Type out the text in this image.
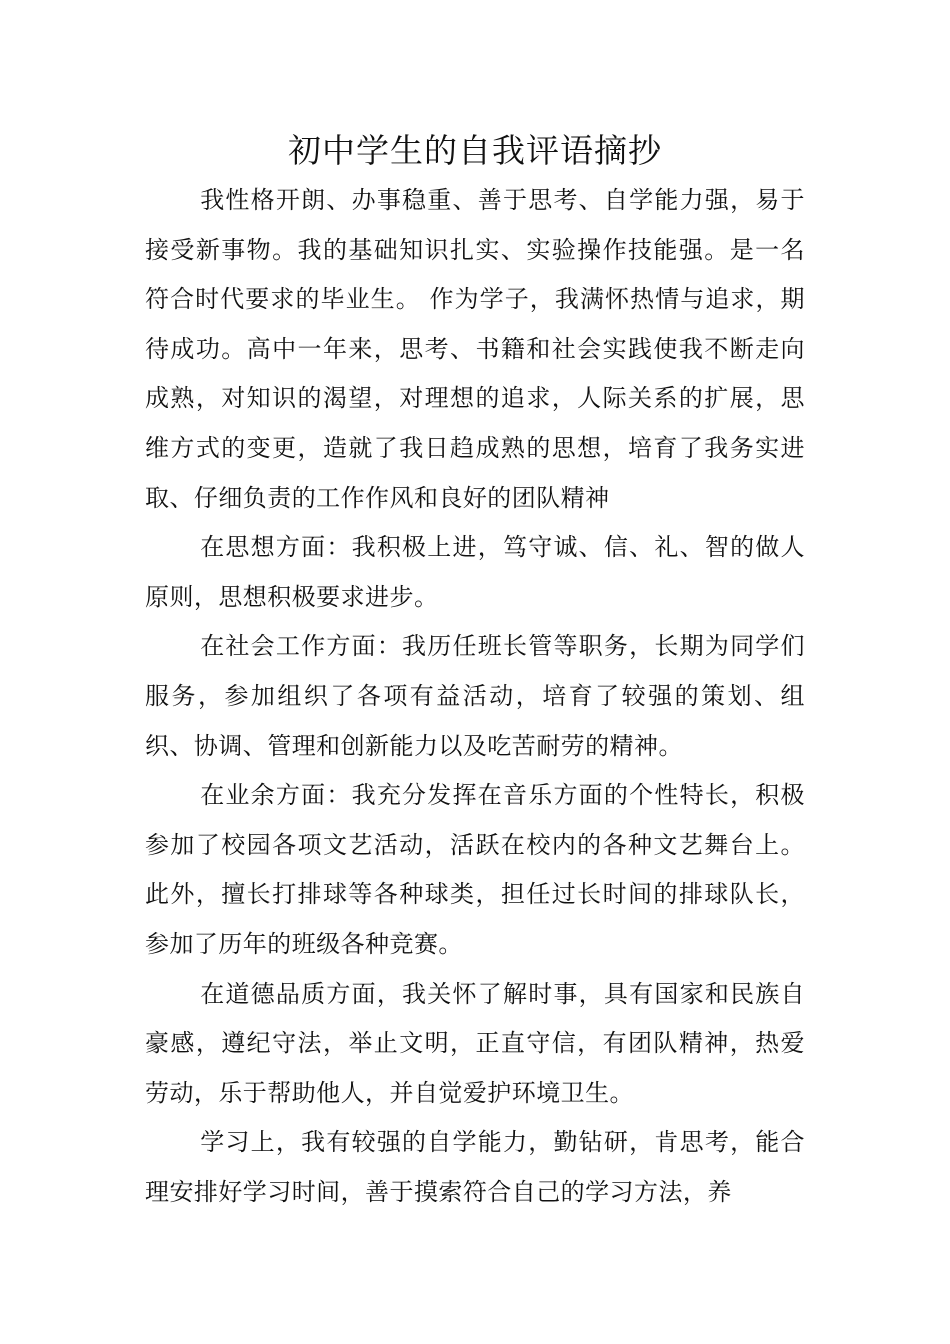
初中学生的自我评语摘抄

我性格开朗、办事稳重、善于思考、自学能力强，易于接受新事物。我的基础知识扎实、实验操作技能强。是一名符合时代要求的毕业生。 作为学子，我满怀热情与追求，期待成功。高中一年来，思考、书籍和社会实践使我不断走向成熟，对知识的渴望，对理想的追求，人际关系的扩展，思维方式的变更，造就了我日趋成熟的思想，培育了我务实进取、仔细负责的工作作风和良好的团队精神

在思想方面：我积极上进，笃守诚、信、礼、智的做人原则，思想积极要求进步。

在社会工作方面：我历任班长管等职务，长期为同学们服务，参加组织了各项有益活动，培育了较强的策划、组织、协调、管理和创新能力以及吃苦耐劳的精神。

在业余方面：我充分发挥在音乐方面的个性特长，积极参加了校园各项文艺活动，活跃在校内的各种文艺舞台上。此外，擅长打排球等各种球类，担任过长时间的排球队长，参加了历年的班级各种竞赛。

在道德品质方面，我关怀了解时事，具有国家和民族自豪感，遵纪守法，举止文明，正直守信，有团队精神，热爱劳动，乐于帮助他人，并自觉爱护环境卫生。

学习上，我有较强的自学能力，勤钻研，肯思考，能合理安排好学习时间，善于摸索符合自己的学习方法，养
